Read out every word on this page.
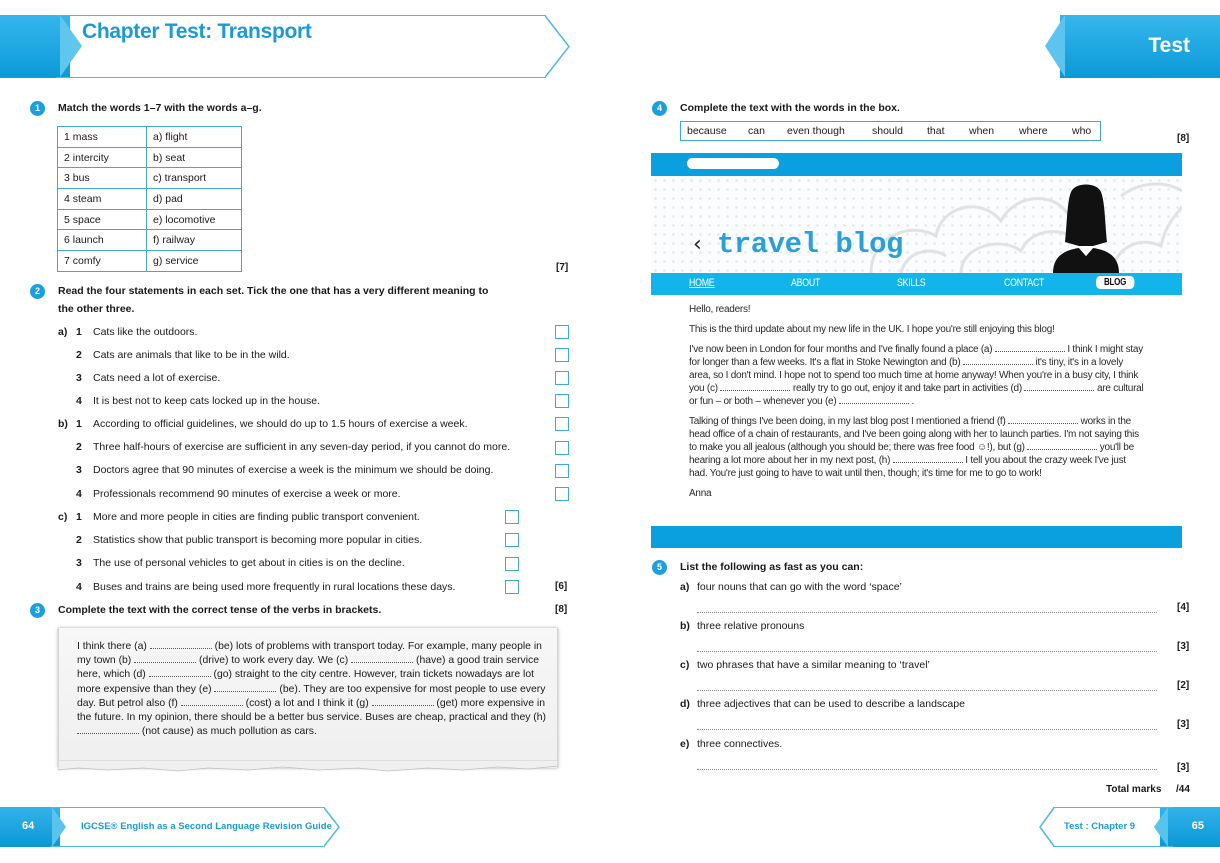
Chapter Test: Transport
1	Match the words 1–7 with the words a–g.
1 mass	a) flight
2 intercity	b) seat
3 bus	c) transport
4 steam	d) pad
5 space	e) locomotive
6 launch	f) railway
7 comfy	g) service
[7]
2	Read the four statements in each set. Tick the one that has a very different meaning to
the other three.
a) 1 Cats like the outdoors.
2 Cats are animals that like to be in the wild.
3 Cats need a lot of exercise.
4 It is best not to keep cats locked up in the house.
b) 1 According to official guidelines, we should do up to 1.5 hours of exercise a week.
2 Three half-hours of exercise are sufficient in any seven-day period, if you cannot do more.
3 Doctors agree that 90 minutes of exercise a week is the minimum we should be doing.
4 Professionals recommend 90 minutes of exercise a week or more.
c) 1 More and more people in cities are finding public transport convenient.
2 Statistics show that public transport is becoming more popular in cities.
3 The use of personal vehicles to get about in cities is on the decline.
4 Buses and trains are being used more frequently in rural locations these days.	[6]
3	Complete the text with the correct tense of the verbs in brackets.	[8]
I think there (a)	(be) lots of problems with transport today. For example, many people in my town (b)	(drive) to work every day. We (c)	(have) a good train service here, which (d)	(go) straight to the city centre. However, train tickets nowadays are lot more expensive than they (e)	(be). They are too expensive for most people to use every day. But petrol also (f)	(cost) a lot and I think it (g)	(get) more expensive in the future. In my opinion, there should be a better bus service. Buses are cheap, practical and they (h)  (not cause) as much pollution as cars.
64	IGCSE® English as a Second Language Revision Guide
Test
4	Complete the text with the words in the box.
because can even though	should that when where who
[8]
‹ travel blog
HOME	ABOUT	SKILLS	CONTACT	BLOG

Hello, readers!

This is the third update about my new life in the UK. I hope you're still enjoying this blog!

I've now been in London for four months and I've finally found a place (a)	I think I might stay for longer than a few weeks. It's a flat in Stoke Newington and (b)	it's tiny, it's in a lovely area, so I don't mind. I hope not to spend too much time at home anyway! When you're in a busy city, I think you (c)	really try to go out, enjoy it and take part in activities (d)	are cultural or fun – or both – whenever you (e)	.

Talking of things I've been doing, in my last blog post I mentioned a friend (f)	works in the head office of a chain of restaurants, and I've been going along with her to launch parties. I'm not saying this to make you all jealous (although you should be; there was free food ☺!), but (g)	you'll be hearing a lot more about her in my next post, (h)	I tell you about the crazy week I've just had. You're just going to have to wait until then, though; it's time for me to go to work!

Anna

5	List the following as fast as you can:
a) four nouns that can go with the word ‘space’
[4]
b) three relative pronouns
[3]
c) two phrases that have a similar meaning to ‘travel’
[2]
d) three adjectives that can be used to describe a landscape
[3]
e) three connectives.
[3]
Total marks /44
Test : Chapter 9	65
